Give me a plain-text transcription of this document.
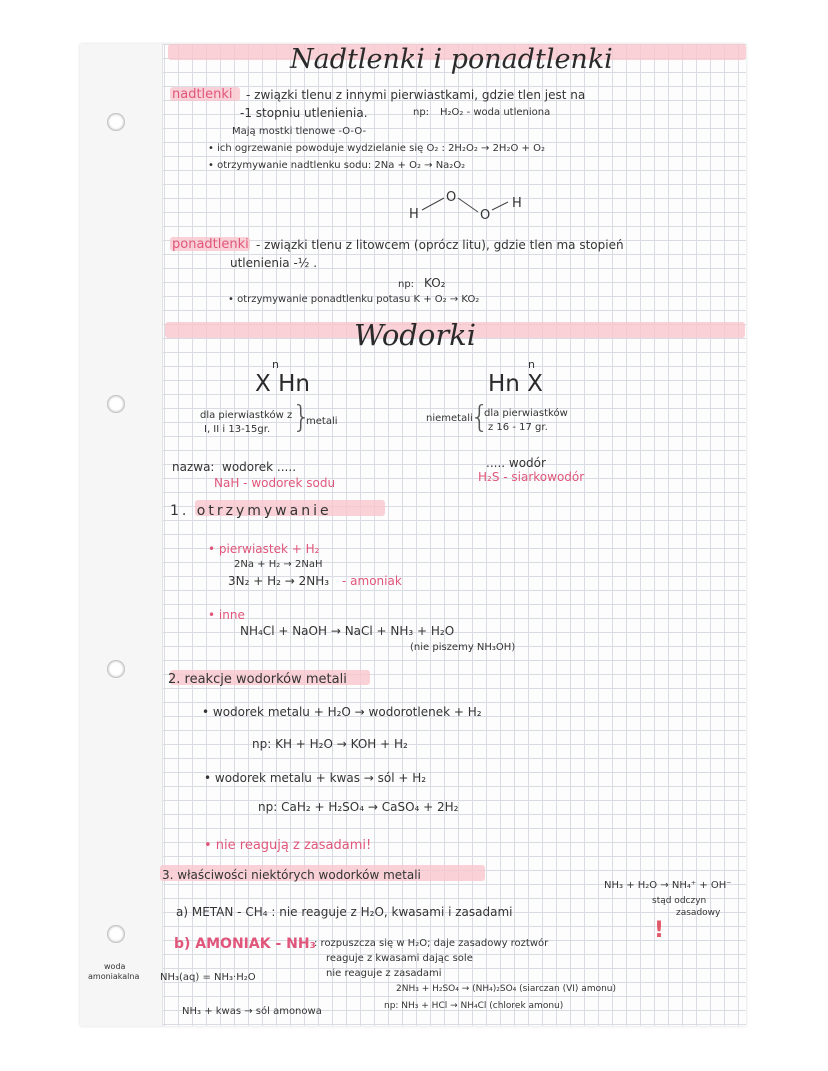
Nadtlenki i ponadtlenki
nadtlenki - związki tlenu z innymi pierwiastkami, gdzie tlen jest na
-1 stopniu utlenienia.	np: H₂O₂ - woda utleniona
Mają mostki tlenowe -O-O-
• ich ogrzewanie powoduje wydzielanie się O₂ : 2H₂O₂ → 2H₂O + O₂
• otrzymywanie nadtlenku sodu: 2Na + O₂ → Na₂O₂
H
O
O
H
ponadtlenki - związki tlenu z litowcem (oprócz litu), gdzie tlen ma stopień
utlenienia -½ .
np: KO₂
• otrzymywanie ponadtlenku potasu K + O₂ → KO₂
Wodorki
n
X Hn
dla pierwiastków z
I, II i 13-15gr. }
metali
n
Hn X
niemetali
{
dla pierwiastków
z 16 - 17 gr.
nazwa: wodorek .....
NaH - wodorek sodu
..... wodór
H₂S - siarkowodór
1. otrzymywanie
• pierwiastek + H₂
2Na + H₂ → 2NaH
3N₂ + H₂ → 2NH₃ - amoniak
• inne
NH₄Cl + NaOH → NaCl + NH₃ + H₂O
(nie piszemy NH₃OH)
2. reakcje wodorków metali
• wodorek metalu + H₂O → wodorotlenek + H₂
np: KH + H₂O → KOH + H₂
• wodorek metalu + kwas → sól + H₂
np: CaH₂ + H₂SO₄ → CaSO₄ + 2H₂
• nie reagują z zasadami!
3. właściwości niektórych wodorków metali
NH₃ + H₂O → NH₄⁺ + OH⁻
stąd odczyn
zasadowy
!
a) METAN - CH₄ : nie reaguje z H₂O, kwasami i zasadami
b) AMONIAK - NH₃
: rozpuszcza się w H₂O; daje zasadowy roztwór
reaguje z kwasami dając sole
nie reaguje z zasadami
2NH₃ + H₂SO₄ → (NH₄)₂SO₄ (siarczan (VI) amonu)
np: NH₃ + HCl → NH₄Cl (chlorek amonu)
woda
amoniakalna NH₃(aq) = NH₃·H₂O
NH₃ + kwas → sól amonowa
